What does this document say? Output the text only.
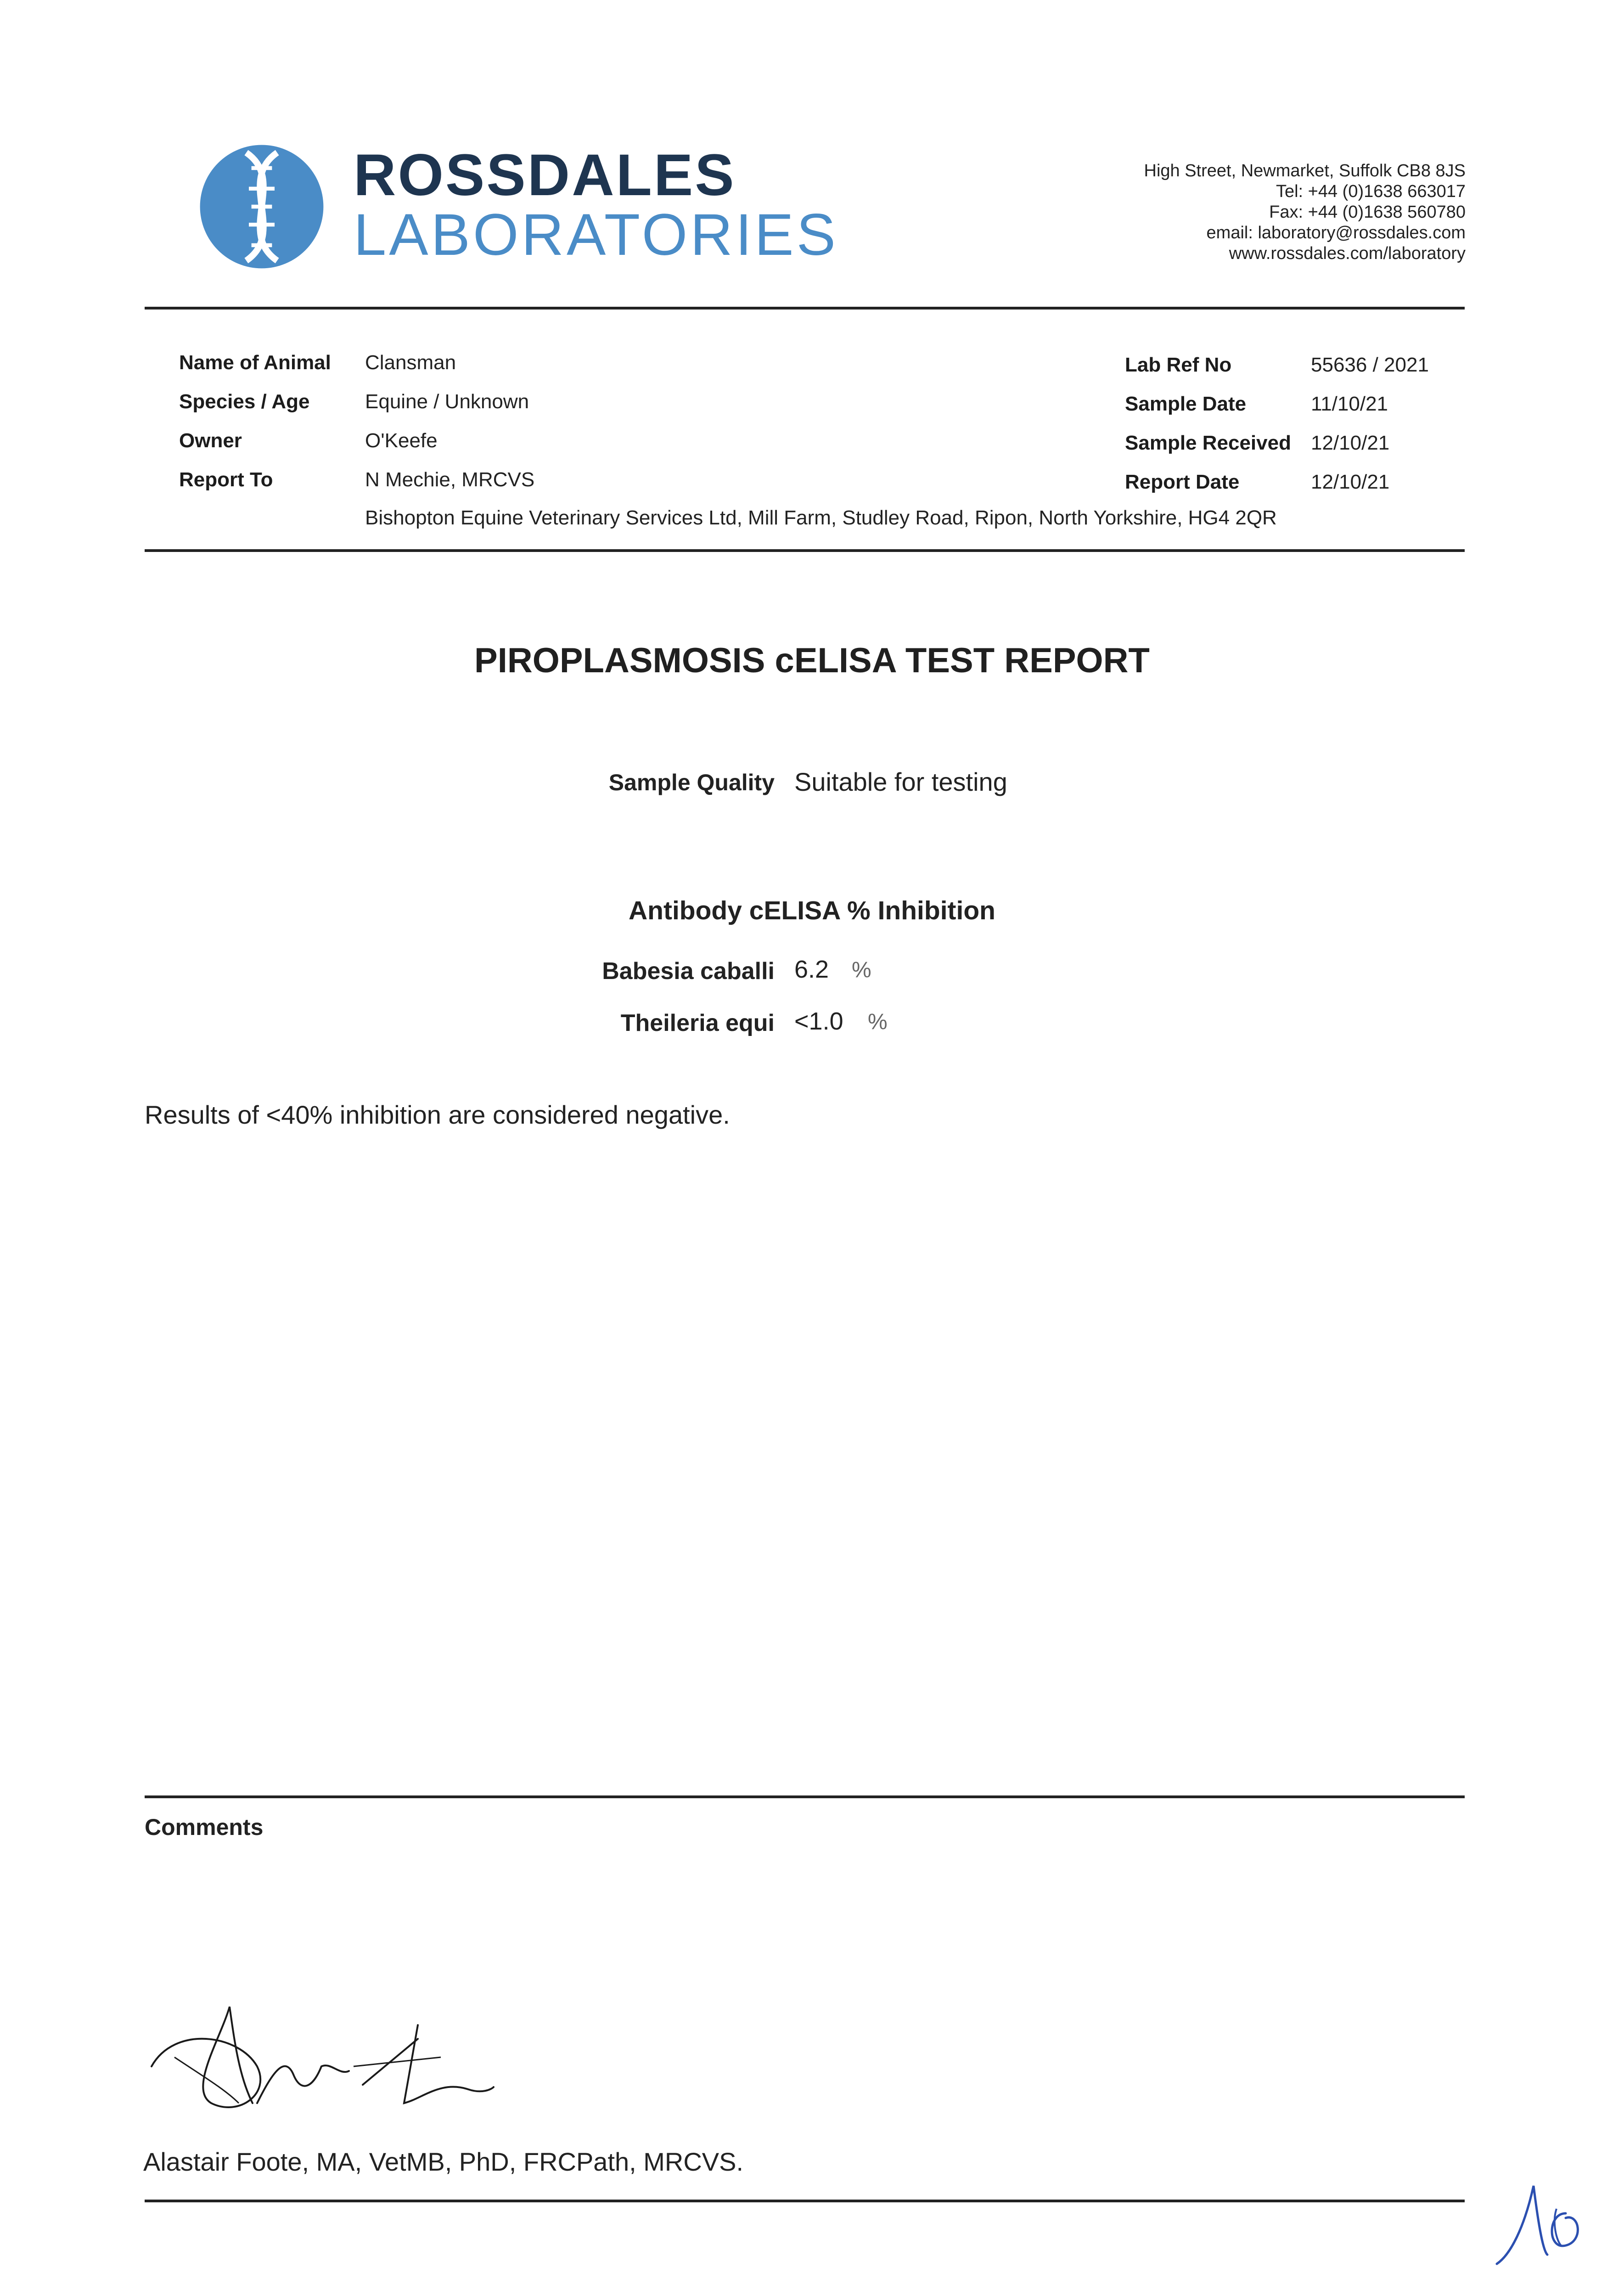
ROSSDALES
LABORATORIES
High Street, Newmarket, Suffolk CB8 8JS
Tel: +44 (0)1638 663017
Fax: +44 (0)1638 560780
email: laboratory@rossdales.com
www.rossdales.com/laboratory
Name of Animal Clansman
Species / Age	Equine / Unknown
Owner	O'Keefe
Report To	N Mechie, MRCVS
Bishopton Equine Veterinary Services Ltd, Mill Farm, Studley Road, Ripon, North Yorkshire, HG4 2QR
Lab Ref No	55636 / 2021
Sample Date	11/10/21
Sample Received 12/10/21
Report Date	12/10/21
PIROPLASMOSIS cELISA TEST REPORT
Sample Quality Suitable for testing
Antibody cELISA % Inhibition
Babesia caballi 6.2 %
Theileria equi <1.0 %
Results of <40% inhibition are considered negative.
Comments
Alastair Foote, MA, VetMB, PhD, FRCPath, MRCVS.
